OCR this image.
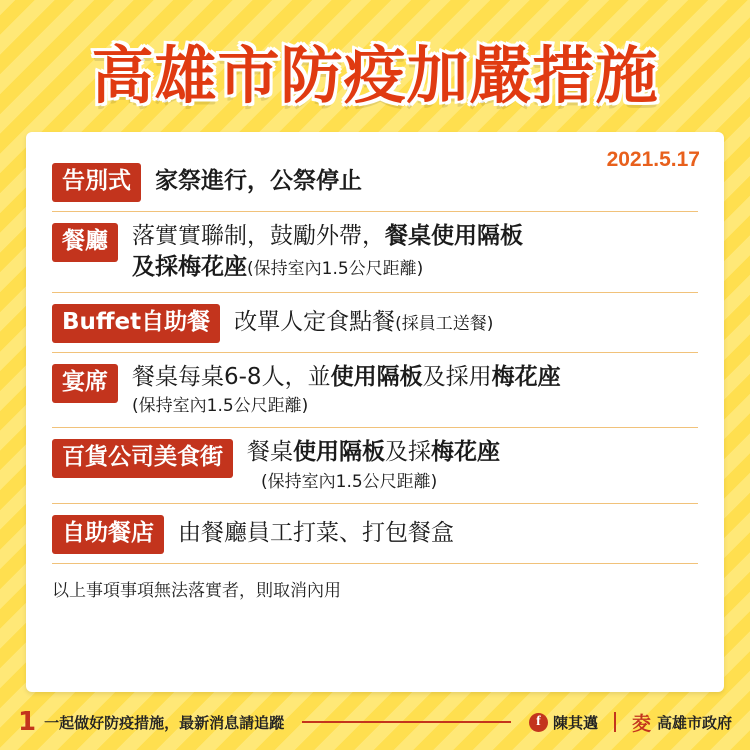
高雄市防疫加嚴措施
2021.5.17
告別式	家祭進行，公祭停止
餐廳	落實實聯制，鼓勵外帶，餐桌使用隔板
及採梅花座(保持室內1.5公尺距離)
Buffet自助餐	改單人定食點餐(採員工送餐)
宴席	餐桌每桌6-8人，並使用隔板及採用梅花座
(保持室內1.5公尺距離)
百貨公司美食街	餐桌使用隔板及採梅花座
(保持室內1.5公尺距離)
自助餐店	由餐廳員工打菜、打包餐盒
以上事項事項無法落實者，則取消內用
1 一起做好防疫措施，最新消息請追蹤	f 陳其邁 夌 高雄市政府
